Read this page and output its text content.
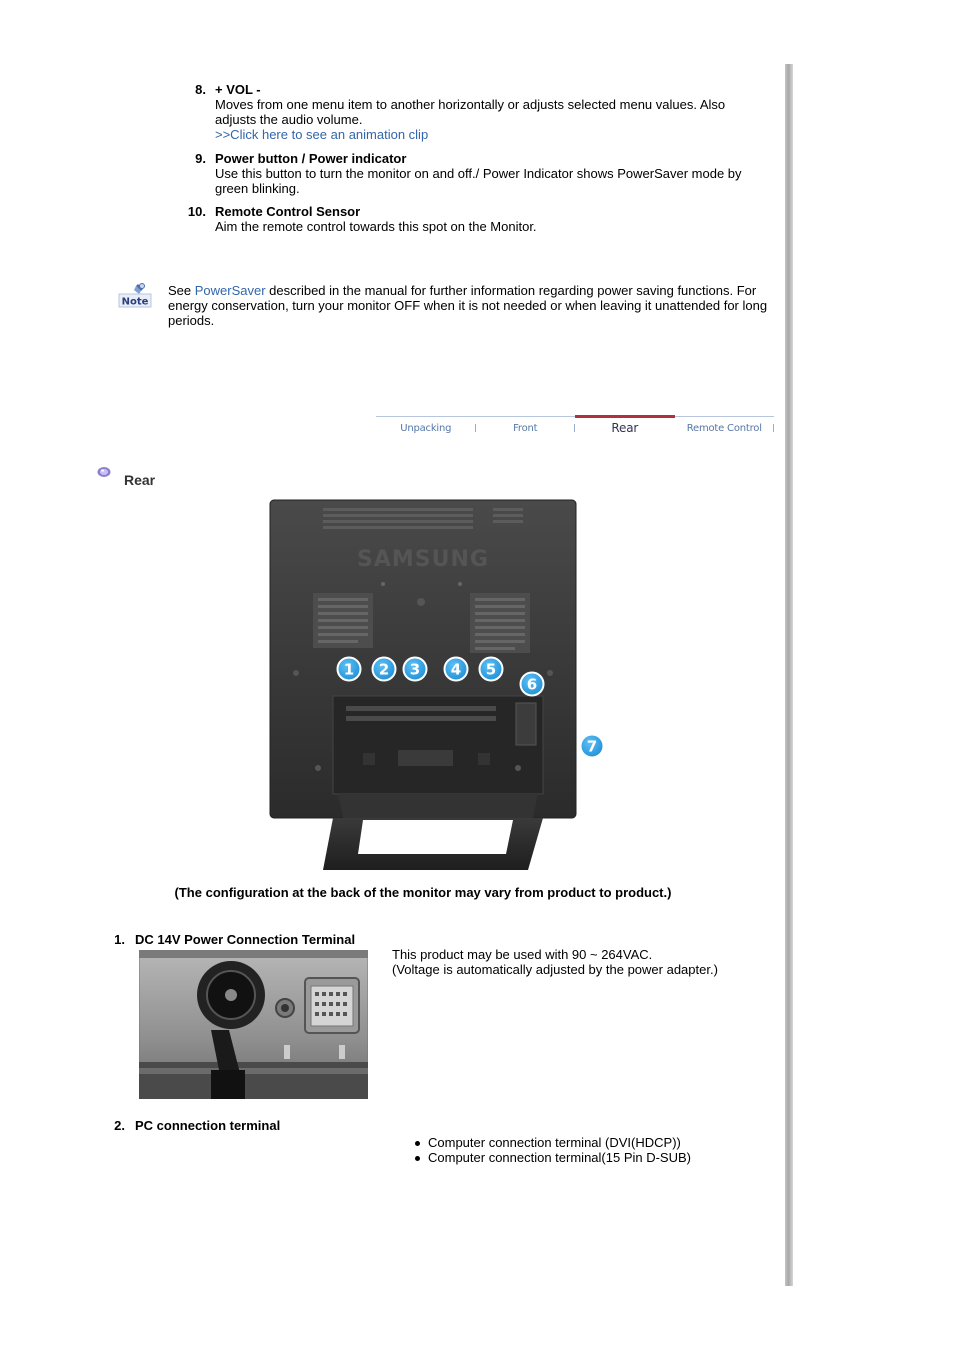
8. + VOL -
Moves from one menu item to another horizontally or adjusts selected menu values. Also adjusts the audio volume.
>>Click here to see an animation clip
9. Power button / Power indicator
Use this button to turn the monitor on and off./ Power Indicator shows PowerSaver mode by green blinking.
10. Remote Control Sensor
Aim the remote control towards this spot on the Monitor.
Note
See PowerSaver described in the manual for further information regarding power saving functions. For energy conservation, turn your monitor OFF when it is not needed or when leaving it unattended for long periods.
Unpacking	Front	Rear	Remote Control
Rear
SAMSUNG
1 2 3 4 5
6
7
(The configuration at the back of the monitor may vary from product to product.)
1. DC 14V Power Connection Terminal
This product may be used with 90 ~ 264VAC.
(Voltage is automatically adjusted by the power adapter.)
2. PC connection terminal
Computer connection terminal (DVI(HDCP))
Computer connection terminal(15 Pin D-SUB)
